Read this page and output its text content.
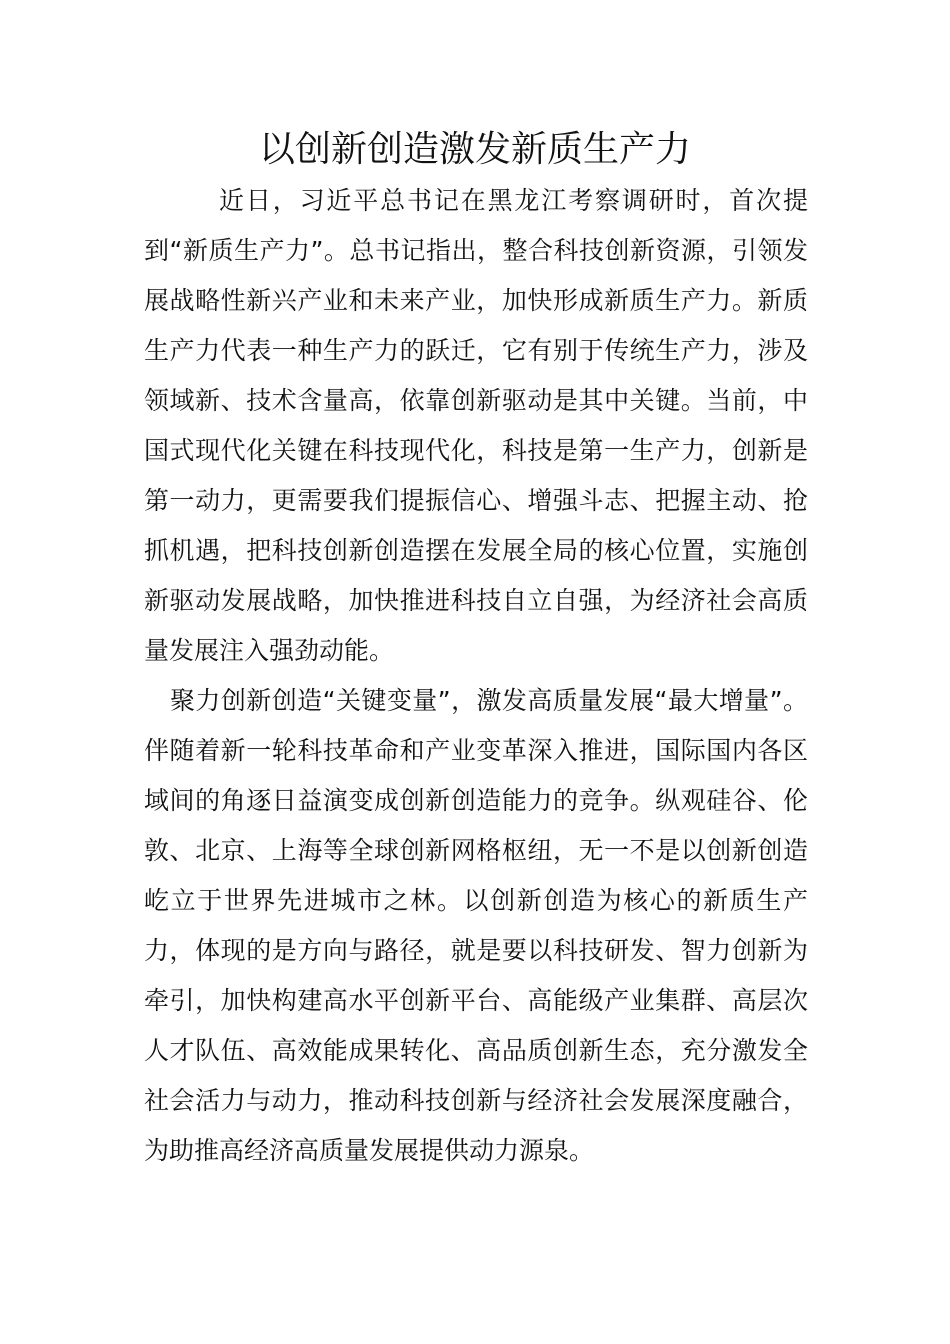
以创新创造激发新质生产力

近日，习近平总书记在黑龙江考察调研时，首次提到“新质生产力”。总书记指出，整合科技创新资源，引领发展战略性新兴产业和未来产业，加快形成新质生产力。新质生产力代表一种生产力的跃迁，它有别于传统生产力，涉及领域新、技术含量高，依靠创新驱动是其中关键。当前，中国式现代化关键在科技现代化，科技是第一生产力，创新是第一动力，更需要我们提振信心、增强斗志、把握主动、抢抓机遇，把科技创新创造摆在发展全局的核心位置，实施创新驱动发展战略，加快推进科技自立自强，为经济社会高质量发展注入强劲动能。

聚力创新创造“关键变量”，激发高质量发展“最大增量”。伴随着新一轮科技革命和产业变革深入推进，国际国内各区域间的角逐日益演变成创新创造能力的竞争。纵观硅谷、伦敦、北京、上海等全球创新网格枢纽，无一不是以创新创造屹立于世界先进城市之林。以创新创造为核心的新质生产力，体现的是方向与路径，就是要以科技研发、智力创新为牵引，加快构建高水平创新平台、高能级产业集群、高层次人才队伍、高效能成果转化、高品质创新生态，充分激发全社会活力与动力，推动科技创新与经济社会发展深度融合，为助推高经济高质量发展提供动力源泉。
